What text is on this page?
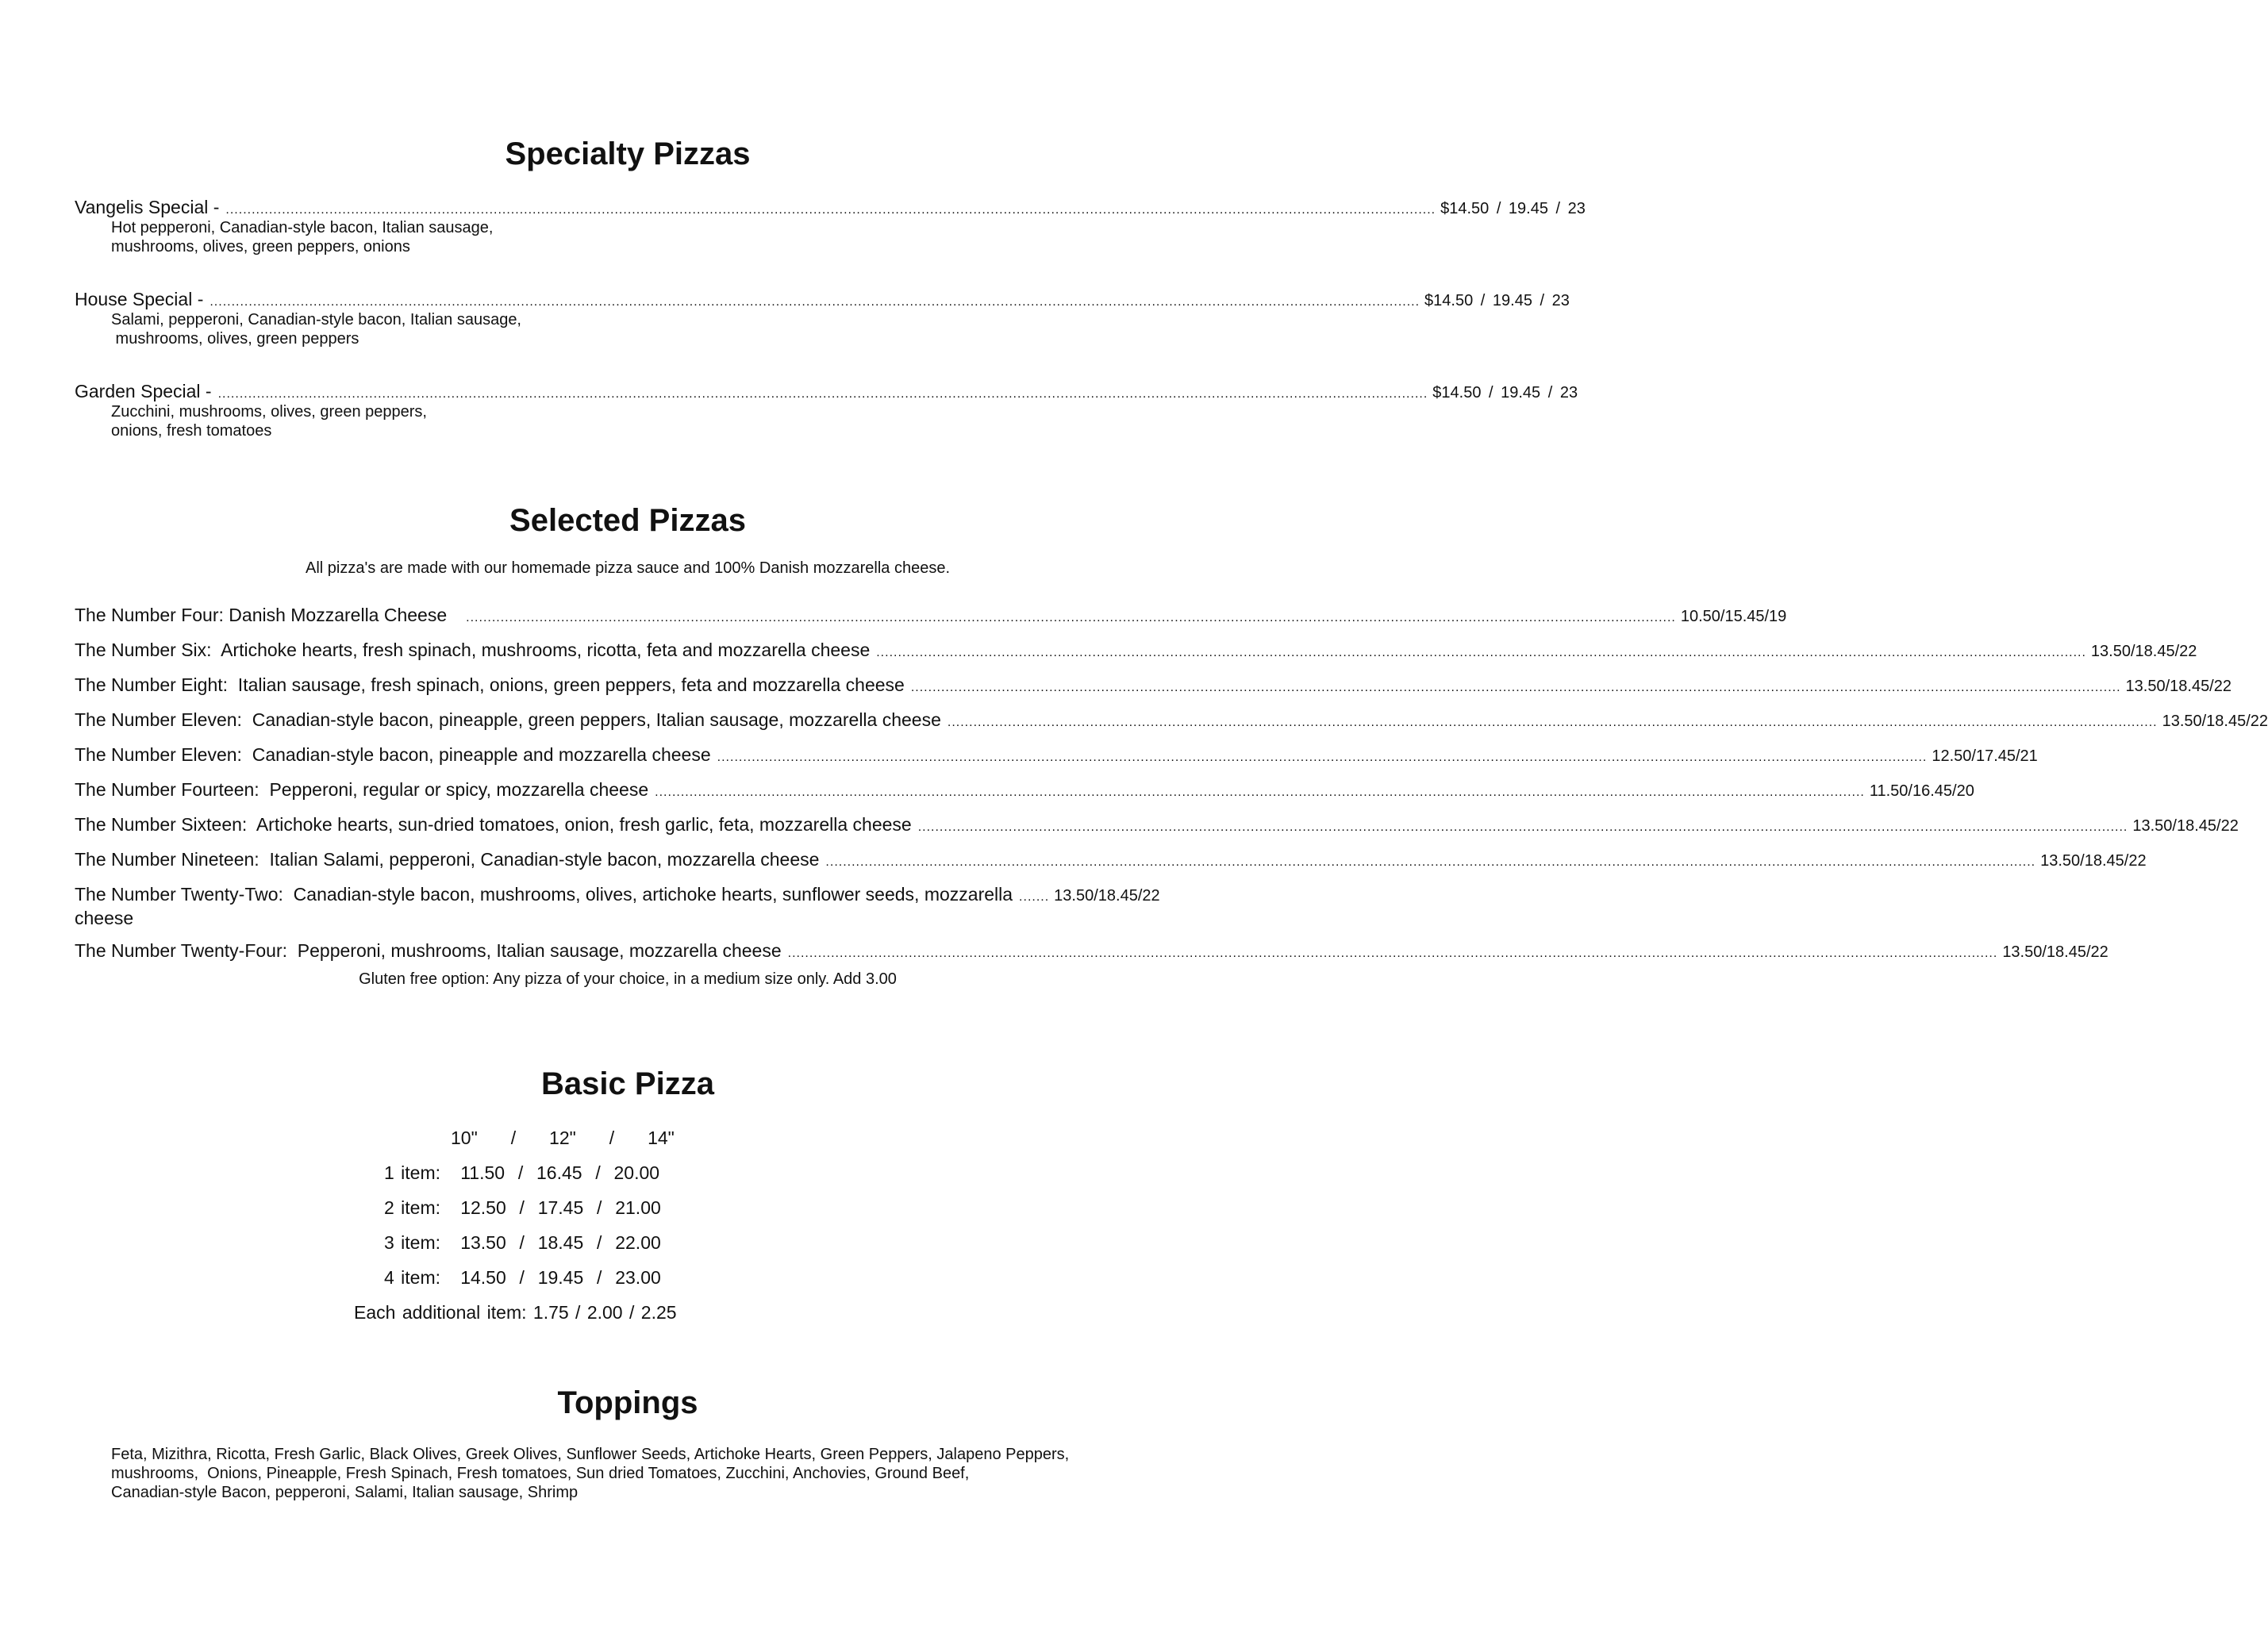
Specialty Pizzas
Vangelis Special - ........................................................................................................................................................................................................................................................................................ $14.50 / 19.45 / 23
Hot pepperoni, Canadian-style bacon, Italian sausage,
mushrooms, olives, green peppers, onions
House Special - ........................................................................................................................................................................................................................................................................................ $14.50 / 19.45 / 23
Salami, pepperoni, Canadian-style bacon, Italian sausage,
mushrooms, olives, green peppers
Garden Special - ........................................................................................................................................................................................................................................................................................ $14.50 / 19.45 / 23
Zucchini, mushrooms, olives, green peppers,
onions, fresh tomatoes
Selected Pizzas
All pizza's are made with our homemade pizza sauce and 100% Danish mozzarella cheese.
The Number Four: Danish Mozzarella Cheese ........................................................................................................................................................................................................................................................................................ 10.50/15.45/19
The Number Six:  Artichoke hearts, fresh spinach, mushrooms, ricotta, feta and mozzarella cheese ........................................................................................................................................................................................................................................................................................ 13.50/18.45/22
The Number Eight:  Italian sausage, fresh spinach, onions, green peppers, feta and mozzarella cheese ........................................................................................................................................................................................................................................................................................ 13.50/18.45/22
The Number Eleven:  Canadian-style bacon, pineapple, green peppers, Italian sausage, mozzarella cheese ........................................................................................................................................................................................................................................................................................ 13.50/18.45/22
The Number Eleven:  Canadian-style bacon, pineapple and mozzarella cheese ........................................................................................................................................................................................................................................................................................ 12.50/17.45/21
The Number Fourteen:  Pepperoni, regular or spicy, mozzarella cheese ........................................................................................................................................................................................................................................................................................ 11.50/16.45/20
The Number Sixteen:  Artichoke hearts, sun-dried tomatoes, onion, fresh garlic, feta, mozzarella cheese ........................................................................................................................................................................................................................................................................................ 13.50/18.45/22
The Number Nineteen:  Italian Salami, pepperoni, Canadian-style bacon, mozzarella cheese ........................................................................................................................................................................................................................................................................................ 13.50/18.45/22
The Number Twenty-Two:  Canadian-style bacon, mushrooms, olives, artichoke hearts, sunflower seeds, mozzarella ....... 13.50/18.45/22
cheese
The Number Twenty-Four:  Pepperoni, mushrooms, Italian sausage, mozzarella cheese ........................................................................................................................................................................................................................................................................................ 13.50/18.45/22
Gluten free option: Any pizza of your choice, in a medium size only. Add 3.00
Basic Pizza
10"     /     12"     /     14"
1 item: 11.50  /  16.45  /  20.00
2 item: 12.50  /  17.45  /  21.00
3 item: 13.50  /  18.45  /  22.00
4 item: 14.50  /  19.45  /  23.00
Each additional item: 1.75 / 2.00 / 2.25
Toppings
Feta, Mizithra, Ricotta, Fresh Garlic, Black Olives, Greek Olives, Sunflower Seeds, Artichoke Hearts, Green Peppers, Jalapeno Peppers,
mushrooms,  Onions, Pineapple, Fresh Spinach, Fresh tomatoes, Sun dried Tomatoes, Zucchini, Anchovies, Ground Beef,
Canadian-style Bacon, pepperoni, Salami, Italian sausage, Shrimp
